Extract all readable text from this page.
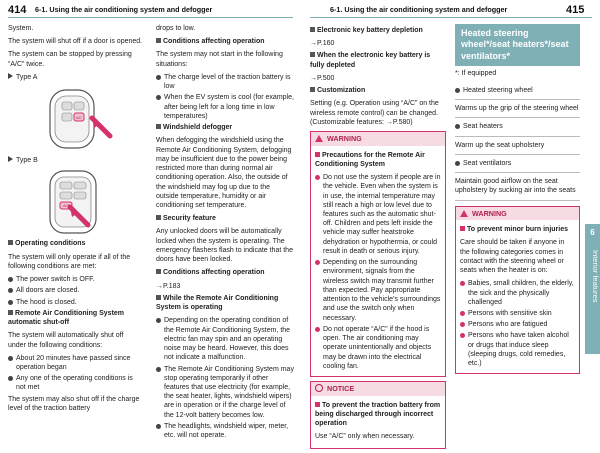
414 6-1. Using the air conditioning system and defogger	6-1. Using the air conditioning system and defogger	415

System.

The system will shut off if a door is opened.

The system can be stopped by pressing “A/C” twice.

Type A
A/C
Type B
A/C

Operating conditions

The system will only operate if all of the following conditions are met:

The power switch is OFF.
All doors are closed.
The hood is closed.

Remote Air Conditioning System automatic shut-off

The system will automatically shut off under the following conditions:

About 20 minutes have passed since operation began
Any one of the operating conditions is not met

The system may also shut off if the charge level of the traction battery

drops to low.

Conditions affecting operation

The system may not start in the following situations:

The charge level of the traction battery is low
When the EV system is cool (for example, after being left for a long time in low temperatures)

Windshield defogger

When defogging the windshield using the Remote Air Conditioning System, defogging may be insufficient due to the power being restricted more than during normal air conditioning operation. Also, the outside of the windshield may fog up due to the outside temperature, humidity or air conditioning set temperature.

Security feature

Any unlocked doors will be automatically locked when the system is operating. The emergency flashers flash to indicate that the doors have been locked.

Conditions affecting operation

→P.183

While the Remote Air Conditioning System is operating

Depending on the operating condition of the Remote Air Conditioning System, the electric fan may spin and an operating noise may be heard. However, this does not indicate a malfunction.
The Remote Air Conditioning System may stop operating temporarily if other features that use electricity (for example, the seat heater, lights, windshield wipers) are in operation or if the charge level of the 12-volt battery becomes low.
The headlights, windshield wiper, meter, etc. will not operate.

Electronic key battery depletion

→P.160

When the electronic key battery is fully depleted

→P.500

Customization

Setting (e.g. Operation using “A/C” on the wireless remote control) can be changed. (Customizable features: →P.580)

WARNING

Precautions for the Remote Air Conditioning System

Do not use the system if people are in the vehicle. Even when the system is in use, the internal temperature may still reach a high or low level due to features such as the automatic shut-off. Children and pets left inside the vehicle may suffer heatstroke dehydration or hypothermia, or could result in death or serious injury.
Depending on the surrounding environment, signals from the wireless switch may transmit further than expected. Pay appropriate attention to the vehicle’s surroundings and use the switch only when necessary.
Do not operate “A/C” if the hood is open. The air conditioning may operate unintentionally and objects may be drawn into the electrical cooling fan.
NOTICE

To prevent the traction battery from being discharged through incorrect operation

Use “A/C” only when necessary.

Heated steering wheel*/seat heaters*/seat ventilators*

*: If equipped

Heated steering wheel
Warms up the grip of the steering wheel
Seat heaters
Warm up the seat upholstery
Seat ventilators
Maintain good airflow on the seat upholstery by sucking air into the seats
WARNING

To prevent minor burn injuries

Care should be taken if anyone in the following categories comes in contact with the steering wheel or seats when the heater is on:

Babies, small children, the elderly, the sick and the physically challenged
Persons with sensitive skin
Persons who are fatigued
Persons who have taken alcohol or drugs that induce sleep (sleeping drugs, cold remedies, etc.)
6
Interior features
